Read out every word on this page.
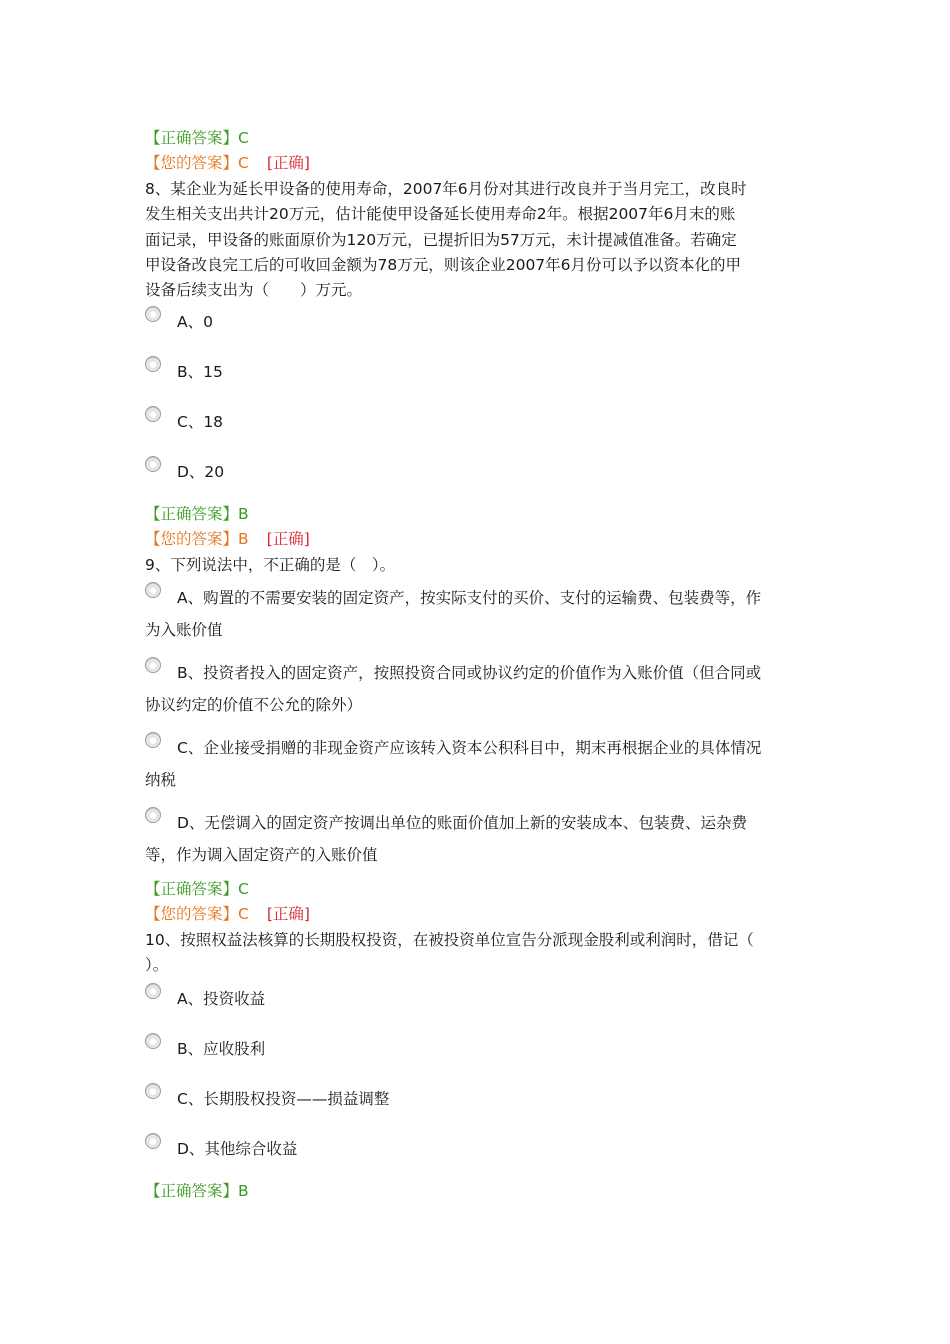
【正确答案】C
【您的答案】C [正确]

8、某企业为延长甲设备的使用寿命，2007年6月份对其进行改良并于当月完工，改良时
发生相关支出共计20万元，估计能使甲设备延长使用寿命2年。根据2007年6月末的账
面记录，甲设备的账面原价为120万元，已提折旧为57万元，未计提减值准备。若确定
甲设备改良完工后的可收回金额为78万元，则该企业2007年6月份可以予以资本化的甲
设备后续支出为（　　）万元。

A、0
B、15
C、18
D、20
【正确答案】B
【您的答案】B [正确]

9、下列说法中，不正确的是（　）。

A、购置的不需要安装的固定资产，按实际支付的买价、支付的运输费、包装费等，作
为入账价值
B、投资者投入的固定资产，按照投资合同或协议约定的价值作为入账价值（但合同或
协议约定的价值不公允的除外）
C、企业接受捐赠的非现金资产应该转入资本公积科目中，期末再根据企业的具体情况
纳税
D、无偿调入的固定资产按调出单位的账面价值加上新的安装成本、包装费、运杂费
等，作为调入固定资产的入账价值
【正确答案】C
【您的答案】C [正确]

10、按照权益法核算的长期股权投资，在被投资单位宣告分派现金股利或利润时，借记（
）。

A、投资收益
B、应收股利
C、长期股权投资——损益调整
D、其他综合收益
【正确答案】B
